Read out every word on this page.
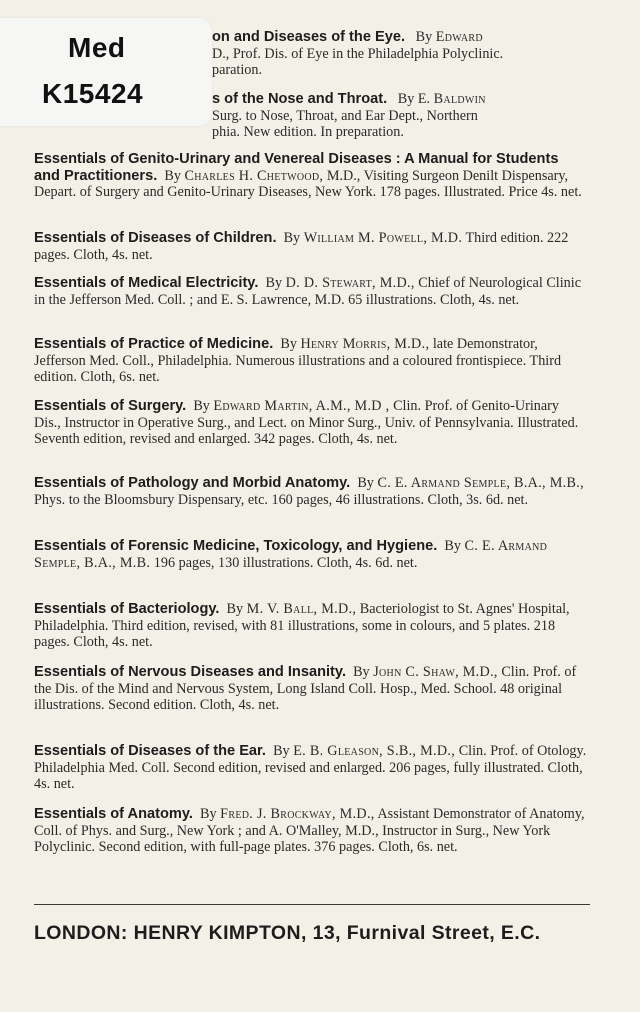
Med
K15424
on and Diseases of the Eye. By Edward
D., Prof. Dis. of Eye in the Philadelphia Polyclinic.
paration.
s of the Nose and Throat. By E. Baldwin
Surg. to Nose, Throat, and Ear Dept., Northern
phia. New edition. In preparation.
Essentials of Genito-Urinary and Venereal Diseases : A Manual for Students and Practitioners. By Charles H. Chetwood, M.D., Visiting Surgeon Denilt Dispensary, Depart. of Surgery and Genito-Urinary Diseases, New York. 178 pages. Illustrated. Price 4s. net.
Essentials of Diseases of Children. By William M. Powell, M.D. Third edition. 222 pages. Cloth, 4s. net.
Essentials of Medical Electricity. By D. D. Stewart, M.D., Chief of Neurological Clinic in the Jefferson Med. Coll. ; and E. S. Lawrence, M.D. 65 illustrations. Cloth, 4s. net.
Essentials of Practice of Medicine. By Henry Morris, M.D., late Demonstrator, Jefferson Med. Coll., Philadelphia. Numerous illustrations and a coloured frontispiece. Third edition. Cloth, 6s. net.
Essentials of Surgery. By Edward Martin, A.M., M.D , Clin. Prof. of Genito-Urinary Dis., Instructor in Operative Surg., and Lect. on Minor Surg., Univ. of Pennsylvania. Illustrated. Seventh edition, revised and enlarged. 342 pages. Cloth, 4s. net.
Essentials of Pathology and Morbid Anatomy. By C. E. Armand Semple, B.A., M.B., Phys. to the Bloomsbury Dispensary, etc. 160 pages, 46 illustrations. Cloth, 3s. 6d. net.
Essentials of Forensic Medicine, Toxicology, and Hygiene. By C. E. Armand Semple, B.A., M.B. 196 pages, 130 illustrations. Cloth, 4s. 6d. net.
Essentials of Bacteriology. By M. V. Ball, M.D., Bacteriologist to St. Agnes' Hospital, Philadelphia. Third edition, revised, with 81 illustrations, some in colours, and 5 plates. 218 pages. Cloth, 4s. net.
Essentials of Nervous Diseases and Insanity. By John C. Shaw, M.D., Clin. Prof. of the Dis. of the Mind and Nervous System, Long Island Coll. Hosp., Med. School. 48 original illustrations. Second edition. Cloth, 4s. net.
Essentials of Diseases of the Ear. By E. B. Gleason, S.B., M.D., Clin. Prof. of Otology. Philadelphia Med. Coll. Second edition, revised and enlarged. 206 pages, fully illustrated. Cloth, 4s. net.
Essentials of Anatomy. By Fred. J. Brockway, M.D., Assistant Demonstrator of Anatomy, Coll. of Phys. and Surg., New York ; and A. O'Malley, M.D., Instructor in Surg., New York Polyclinic. Second edition, with full-page plates. 376 pages. Cloth, 6s. net.
LONDON: HENRY KIMPTON, 13, Furnival Street, E.C.
